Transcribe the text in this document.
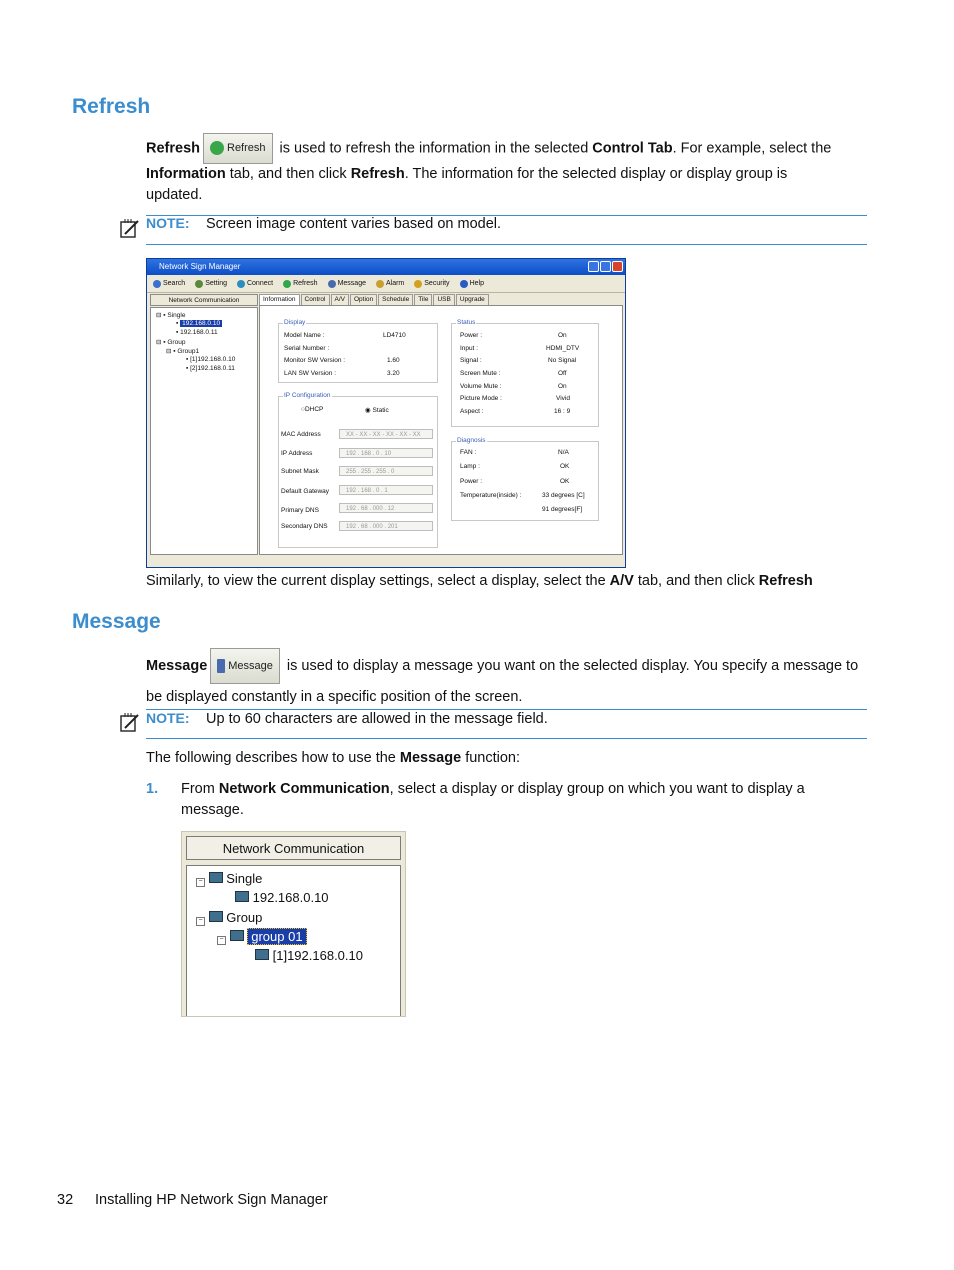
Refresh
Refresh Refresh is used to refresh the information in the selected Control Tab. For example, select the
Information tab, and then click Refresh. The information for the selected display or display group is
updated.
NOTE: Screen image content varies based on model.
Network Sign Manager
Search	Setting	Connect	Refresh	Message	Alarm	Security	Help
Network Communication
⊟ ▪ Single
▪ 192.168.0.10
▪ 192.168.0.11
⊟ ▪ Group
⊟ ▪ Group1
▪ [1]192.168.0.10
▪ [2]192.168.0.11
Information	Control	A/V	Option	Schedule	Tile	USB	Upgrade
Display
Model Name :	LD4710
Serial Number :
Monitor SW Version :	1.60
LAN SW Version :	3.20
Status
Power :	On
Input :	HDMI_DTV
Signal :	No Signal
Screen Mute :	Off
Volume Mute :	On
Picture Mode :	Vivid
Aspect :	16 : 9
IP Configuration
○DHCP	◉ Static
MAC Address	XX - XX - XX - XX - XX - XX
IP Address	192 . 168 . 0 . 10
Subnet Mask	255 . 255 . 255 . 0
Default Gateway	192 . 168 . 0 . 1
Primary DNS	192 . 68 . 000 . 12
Secondary DNS	192 . 68 . 000 . 201
Diagnosis
FAN :	N/A
Lamp :	OK
Power :	OK
Temperature(inside) :	33 degrees [C]
91 degrees[F]
Similarly, to view the current display settings, select a display, select the A/V tab, and then click Refresh
Message
Message Message is used to display a message you want on the selected display. You specify a message to
be displayed constantly in a specific position of the screen.
NOTE: Up to 60 characters are allowed in the message field.
The following describes how to use the Message function:
1. From Network Communication, select a display or display group on which you want to display a
message.
Network Communication
− Single
192.168.0.10
− Group
− group 01
[1]192.168.0.10
32 Installing HP Network Sign Manager
